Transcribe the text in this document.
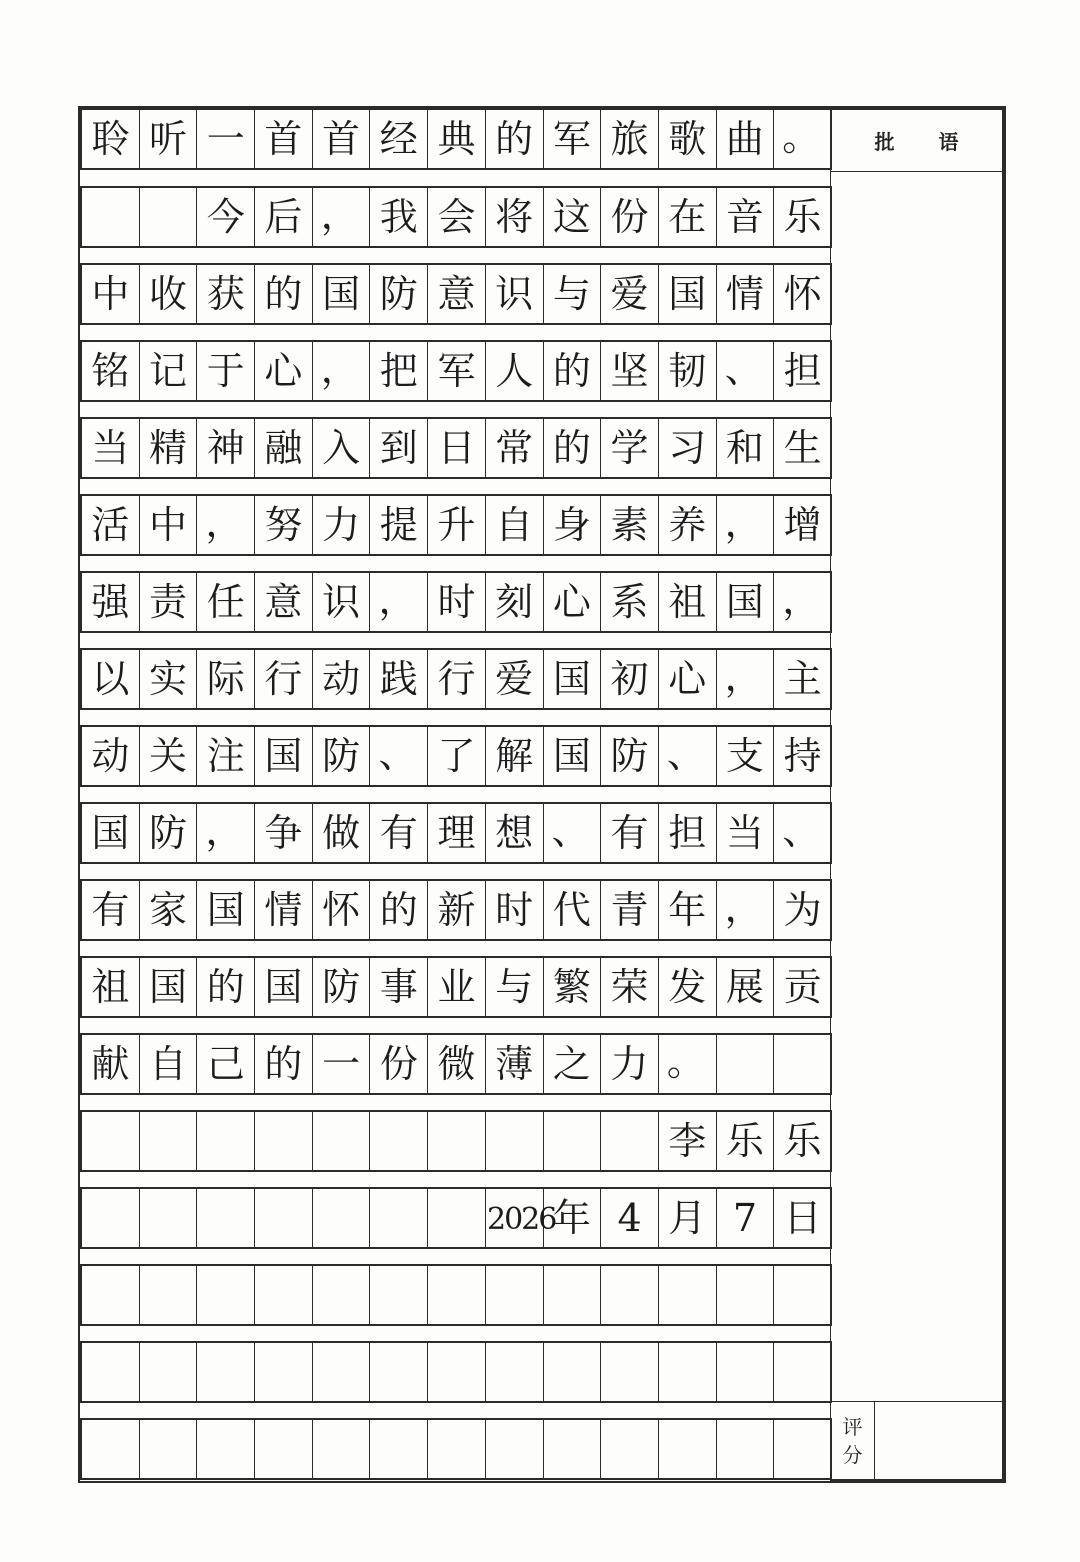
聆 听 一 首 首 经 典 的 军 旅 歌 曲 。
今 后 ， 我 会 将 这 份 在 音 乐
中 收 获 的 国 防 意 识 与 爱 国 情 怀
铭 记 于 心 ， 把 军 人 的 坚 韧 、 担
当 精 神 融 入 到 日 常 的 学 习 和 生
活 中 ， 努 力 提 升 自 身 素 养 ， 增
强 责 任 意 识 ， 时 刻 心 系 祖 国 ，
以 实 际 行 动 践 行 爱 国 初 心 ， 主
动 关 注 国 防 、 了 解 国 防 、 支 持
国 防 ， 争 做 有 理 想 、 有 担 当 、
有 家 国 情 怀 的 新 时 代 青 年 ， 为
祖 国 的 国 防 事 业 与 繁 荣 发 展 贡
献 自 己 的 一 份 微 薄 之 力 。
李 乐 乐
年 4 月 7 日
2026
批 语
评
分
